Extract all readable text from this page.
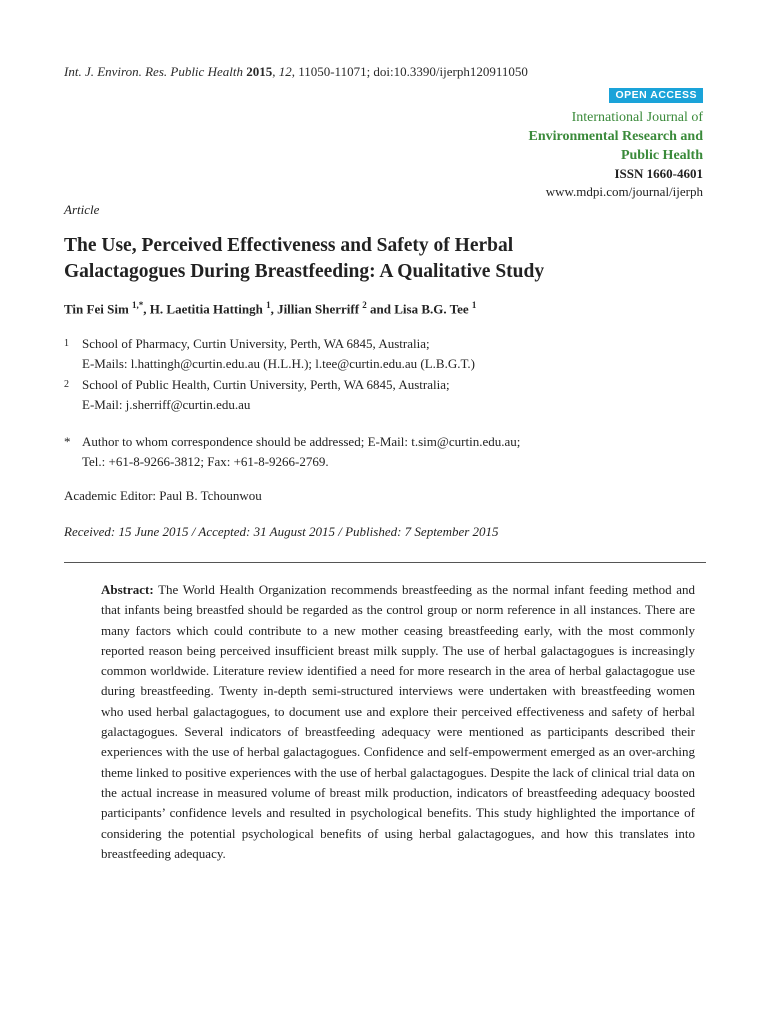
Int. J. Environ. Res. Public Health 2015, 12, 11050-11071; doi:10.3390/ijerph120911050
OPEN ACCESS
International Journal of
Environmental Research and
Public Health
ISSN 1660-4601
www.mdpi.com/journal/ijerph
Article
The Use, Perceived Effectiveness and Safety of Herbal
Galactagogues During Breastfeeding: A Qualitative Study
Tin Fei Sim $^{1,*}$, H. Laetitia Hattingh $^1$, Jillian Sherriff $^2$ and Lisa B.G. Tee $^1$
1 School of Pharmacy, Curtin University, Perth, WA 6845, Australia;
E-Mails: l.hattingh@curtin.edu.au (H.L.H.); l.tee@curtin.edu.au (L.B.G.T.)
2 School of Public Health, Curtin University, Perth, WA 6845, Australia;
E-Mail: j.sherriff@curtin.edu.au
* Author to whom correspondence should be addressed; E-Mail: t.sim@curtin.edu.au;
Tel.: +61-8-9266-3812; Fax: +61-8-9266-2769.
Academic Editor: Paul B. Tchounwou
Received: 15 June 2015 / Accepted: 31 August 2015 / Published: 7 September 2015
Abstract: The World Health Organization recommends breastfeeding as the normal infant feeding method and that infants being breastfed should be regarded as the control group or norm reference in all instances. There are many factors which could contribute to a new mother ceasing breastfeeding early, with the most commonly reported reason being perceived insufficient breast milk supply. The use of herbal galactagogues is increasingly common worldwide. Literature review identified a need for more research in the area of herbal galactagogue use during breastfeeding. Twenty in-depth semi-structured interviews were undertaken with breastfeeding women who used herbal galactagogues, to document use and explore their perceived effectiveness and safety of herbal galactagogues. Several indicators of breastfeeding adequacy were mentioned as participants described their experiences with the use of herbal galactagogues. Confidence and self-empowerment emerged as an over-arching theme linked to positive experiences with the use of herbal galactagogues. Despite the lack of clinical trial data on the actual increase in measured volume of breast milk production, indicators of breastfeeding adequacy boosted participants’ confidence levels and resulted in psychological benefits. This study highlighted the importance of considering the potential psychological benefits of using herbal galactagogues, and how this translates into breastfeeding adequacy.
